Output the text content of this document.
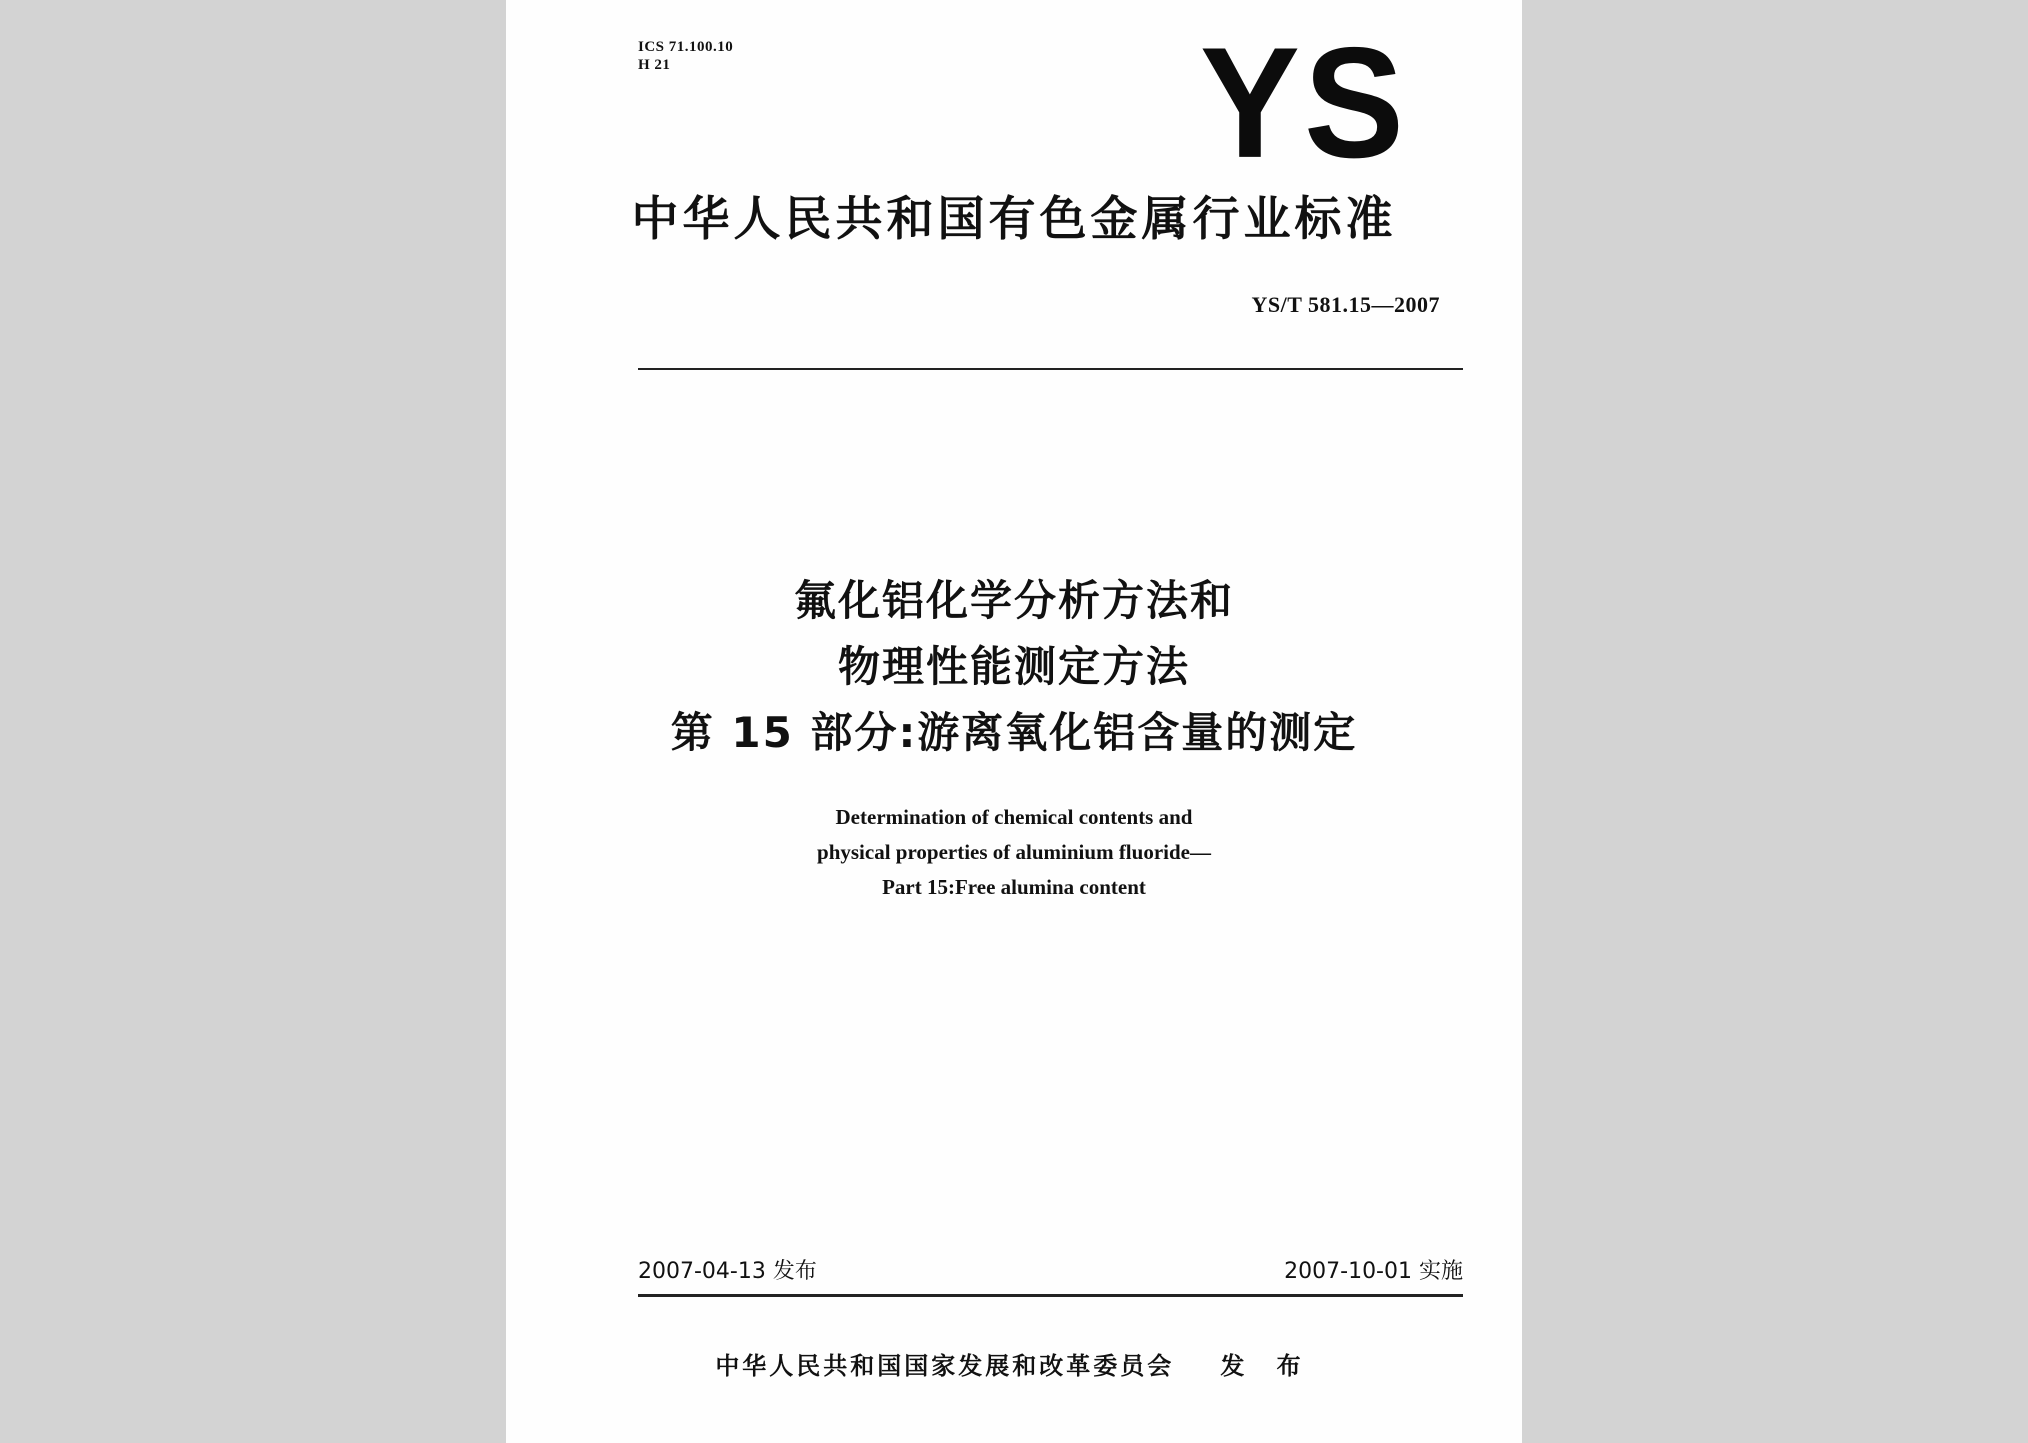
ICS 71.100.10
H 21	YS
中华人民共和国有色金属行业标准
YS/T 581.15—2007
氟化铝化学分析方法和
物理性能测定方法
第 15 部分:游离氧化铝含量的测定
Determination of chemical contents and
physical properties of aluminium fluoride—
Part 15:Free alumina content
2007-04-13 发布	2007-10-01 实施
中华人民共和国国家发展和改革委员会 发 布
